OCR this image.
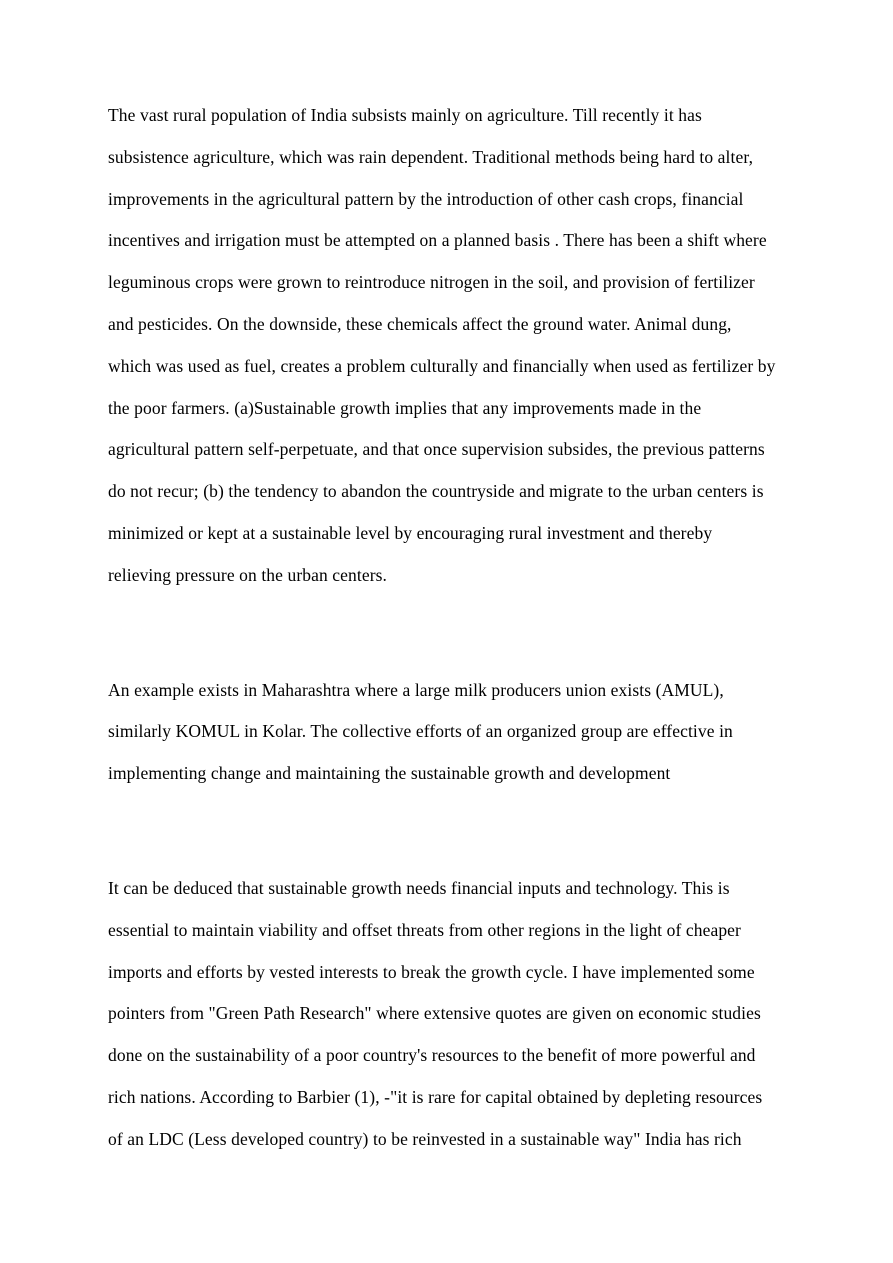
The vast rural population of India subsists mainly on agriculture. Till recently it has
subsistence agriculture, which was rain dependent. Traditional methods being hard to alter,
improvements in the agricultural pattern by the introduction of other cash crops, financial
incentives and irrigation must be attempted on a planned basis . There has been a shift where
leguminous crops were grown to reintroduce nitrogen in the soil, and provision of fertilizer
and pesticides. On the downside, these chemicals affect the ground water. Animal dung,
which was used as fuel, creates a problem culturally and financially when used as fertilizer by
the poor farmers. (a)Sustainable growth implies that any improvements made in the
agricultural pattern self-perpetuate, and that once supervision subsides, the previous patterns
do not recur; (b) the tendency to abandon the countryside and migrate to the urban centers is
minimized or kept at a sustainable level by encouraging rural investment and thereby
relieving pressure on the urban centers.

An example exists in Maharashtra where a large milk producers union exists (AMUL),
similarly KOMUL in Kolar. The collective efforts of an organized group are effective in
implementing change and maintaining the sustainable growth and development

It can be deduced that sustainable growth needs financial inputs and technology. This is
essential to maintain viability and offset threats from other regions in the light of cheaper
imports and efforts by vested interests to break the growth cycle. I have implemented some
pointers from "Green Path Research" where extensive quotes are given on economic studies
done on the sustainability of a poor country's resources to the benefit of more powerful and
rich nations. According to Barbier (1), -"it is rare for capital obtained by depleting resources
of an LDC (Less developed country) to be reinvested in a sustainable way" India has rich
